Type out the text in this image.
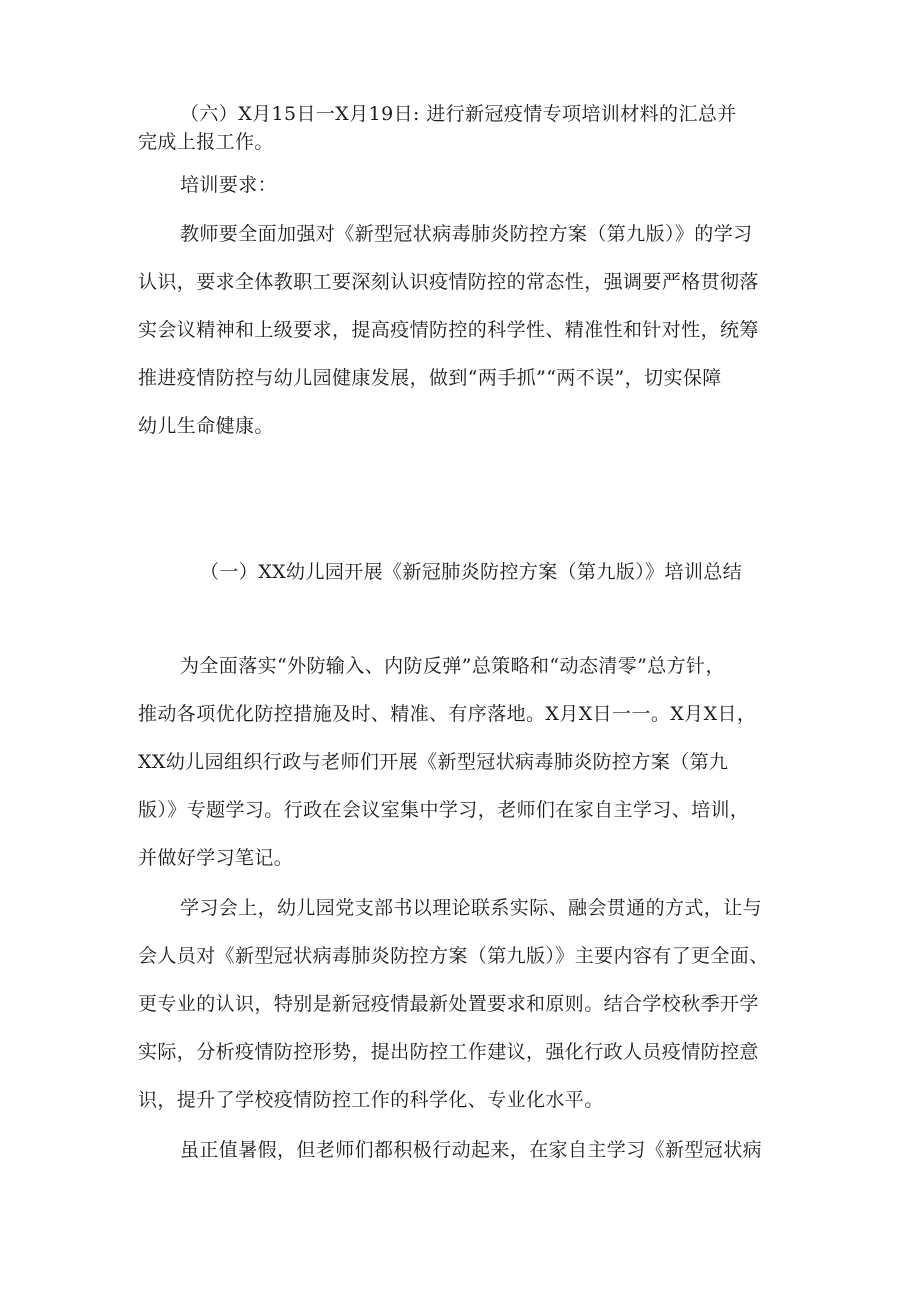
（六）X月15日一X月19日: 进行新冠疫情专项培训材料的汇总并

完成上报工作。

培训要求：

教师要全面加强对《新型冠状病毒肺炎防控方案（第九版）》的学习

认识，要求全体教职工要深刻认识疫情防控的常态性，强调要严格贯彻落

实会议精神和上级要求，提高疫情防控的科学性、精准性和针对性，统筹

推进疫情防控与幼儿园健康发展，做到“两手抓”“两不误”，切实保障

幼儿生命健康。

（一）XX幼儿园开展《新冠肺炎防控方案（第九版）》培训总结

为全面落实“外防输入、内防反弹”总策略和“动态清零”总方针，

推动各项优化防控措施及时、精准、有序落地。X月X日一一。X月X日，

XX幼儿园组织行政与老师们开展《新型冠状病毒肺炎防控方案（第九

版）》专题学习。行政在会议室集中学习，老师们在家自主学习、培训，

并做好学习笔记。

学习会上，幼儿园党支部书以理论联系实际、融会贯通的方式，让与

会人员对《新型冠状病毒肺炎防控方案（第九版）》主要内容有了更全面、

更专业的认识，特别是新冠疫情最新处置要求和原则。结合学校秋季开学

实际，分析疫情防控形势，提出防控工作建议，强化行政人员疫情防控意

识，提升了学校疫情防控工作的科学化、专业化水平。

虽正值暑假，但老师们都积极行动起来，在家自主学习《新型冠状病
